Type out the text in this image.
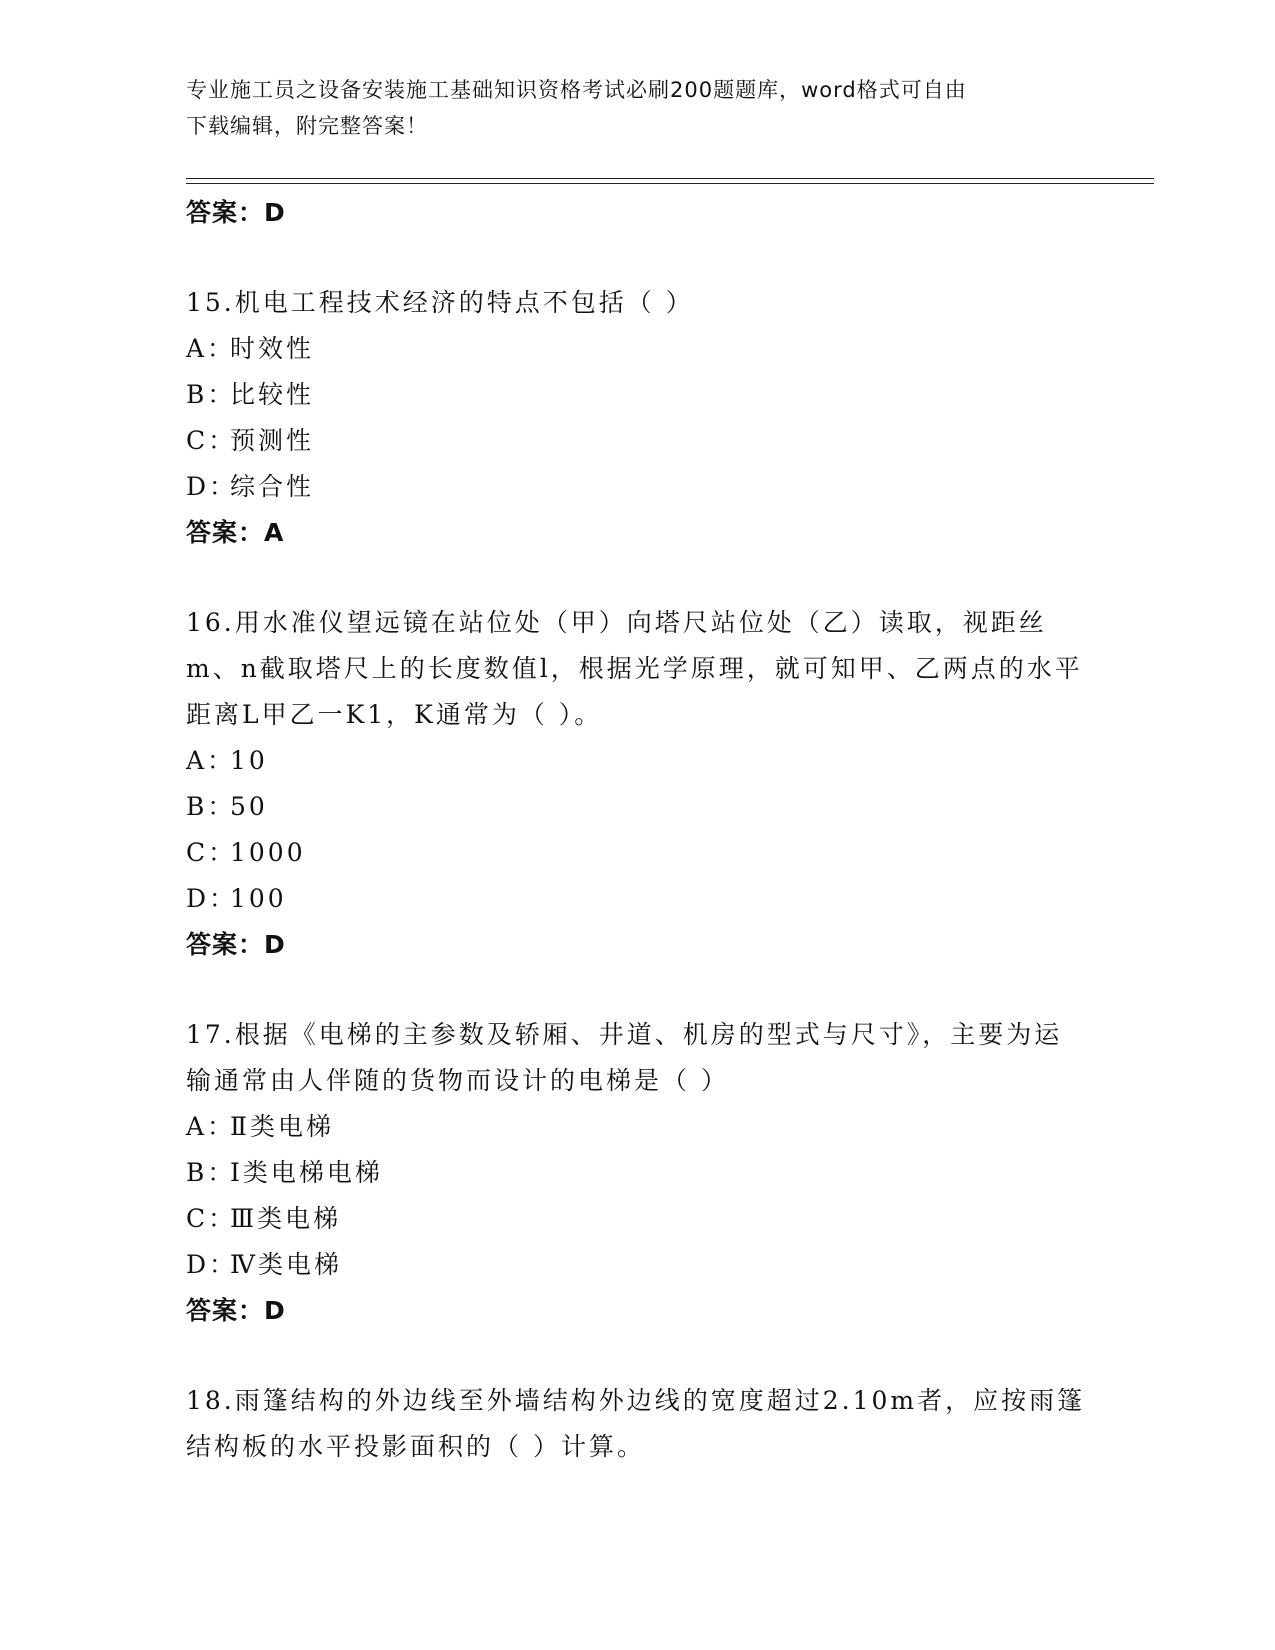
专业施工员之设备安装施工基础知识资格考试必刷200题题库，word格式可自由
下载编辑，附完整答案！
答案：D
15.机电工程技术经济的特点不包括（ ）
A：时效性
B：比较性
C：预测性
D：综合性
答案：A
16.用水准仪望远镜在站位处（甲）向塔尺站位处（乙）读取，视距丝m、n截取塔尺上的长度数值l，根据光学原理，就可知甲、乙两点的水平距离L甲乙一K1，K通常为（ ）。
A：10
B：50
C：1000
D：100
答案：D
17.根据《电梯的主参数及轿厢、井道、机房的型式与尺寸》，主要为运输通常由人伴随的货物而设计的电梯是（ ）
A：Ⅱ类电梯
B：Ⅰ类电梯电梯
C：Ⅲ类电梯
D：Ⅳ类电梯
答案：D
18.雨篷结构的外边线至外墙结构外边线的宽度超过2.10m者，应按雨篷结构板的水平投影面积的（ ）计算。
